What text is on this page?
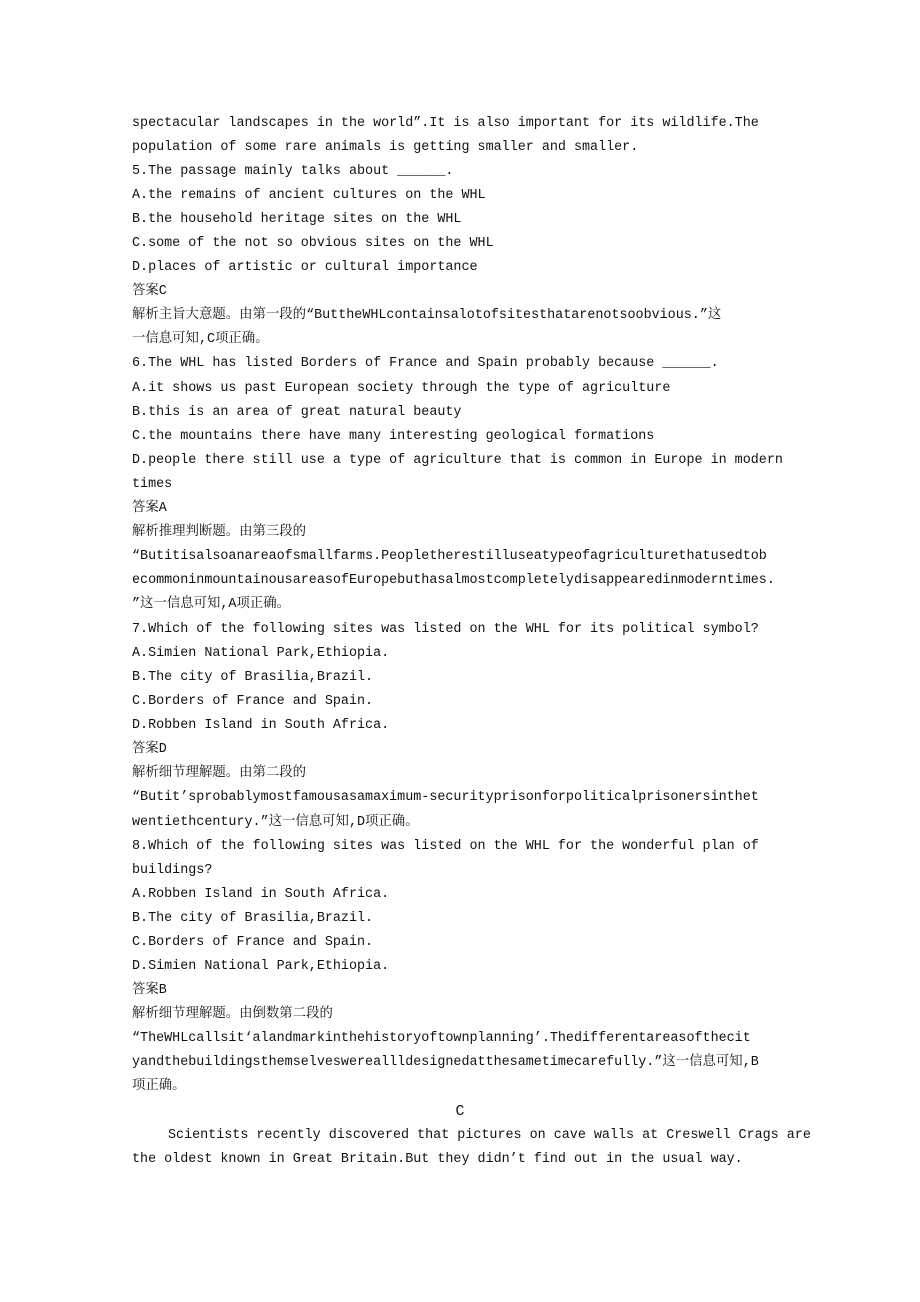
spectacular landscapes in the world”.It is also important for its wildlife.The
population of some rare animals is getting smaller and smaller.
5.The passage mainly talks about ______.
A.the remains of ancient cultures on the WHL
B.the household heritage sites on the WHL
C.some of the not so obvious sites on the WHL
D.places of artistic or cultural importance
答案C
解析主旨大意题。由第一段的“ButtheWHLcontainsalotofsitesthatarenotsoobvious.”这
一信息可知,C项正确。
6.The WHL has listed Borders of France and Spain probably because ______.
A.it shows us past European society through the type of agriculture
B.this is an area of great natural beauty
C.the mountains there have many interesting geological formations
D.people there still use a type of agriculture that is common in Europe in modern
times
答案A
解析推理判断题。由第三段的
“Butitisalsoanareaofsmallfarms.Peopletherestilluseatypeofagriculturethatusedtob
ecommoninmountainousareasofEuropebuthasalmostcompletelydisappearedinmoderntimes.
”这一信息可知,A项正确。
7.Which of the following sites was listed on the WHL for its political symbol?
A.Simien National Park,Ethiopia.
B.The city of Brasilia,Brazil.
C.Borders of France and Spain.
D.Robben Island in South Africa.
答案D
解析细节理解题。由第二段的
“Butit’sprobablymostfamousasamaximum-securityprisonforpoliticalprisonersinthet
wentiethcentury.”这一信息可知,D项正确。
8.Which of the following sites was listed on the WHL for the wonderful plan of
buildings?
A.Robben Island in South Africa.
B.The city of Brasilia,Brazil.
C.Borders of France and Spain.
D.Simien National Park,Ethiopia.
答案B
解析细节理解题。由倒数第二段的
“TheWHLcallsit‘alandmarkinthehistoryoftownplanning’.Thedifferentareasofthecit
yandthebuildingsthemselveswereallldesignedatthesametimecarefully.”这一信息可知,B
项正确。
C
Scientists recently discovered that pictures on cave walls at Creswell Crags are
the oldest known in Great Britain.But they didn’t find out in the usual way.
